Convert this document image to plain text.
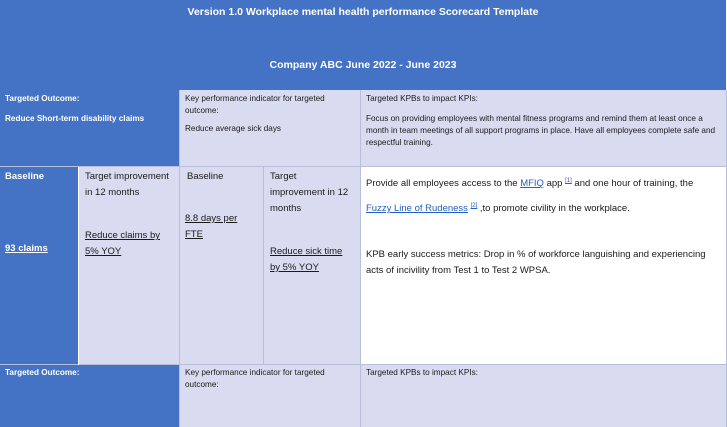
Version 1.0 Workplace mental health performance Scorecard Template
Company ABC June 2022 - June 2023
Targeted Outcome:
Reduce Short-term disability claims
Key performance indicator for targeted outcome:
Reduce average sick days
Targeted KPBs to impact KPIs:
Focus on providing employees with mental fitness programs and remind them at least once a month in team meetings of all support programs in place. Have all employees complete safe and respectful training.
Baseline
93 claims
Target improvement in 12 months
Reduce claims by 5% YOY
Baseline
8.8 days per FTE
Target improvement in 12 months
Reduce sick time by 5% YOY
Provide all employees access to the MFIQ app [1] and one hour of training, the
Fuzzy Line of Rudeness [2] ,to promote civility in the workplace.
KPB early success metrics: Drop in % of workforce languishing and experiencing acts of incivility from Test 1 to Test 2 WPSA.
Targeted Outcome:	Key performance indicator for targeted outcome:
Targeted KPBs to impact KPIs:
